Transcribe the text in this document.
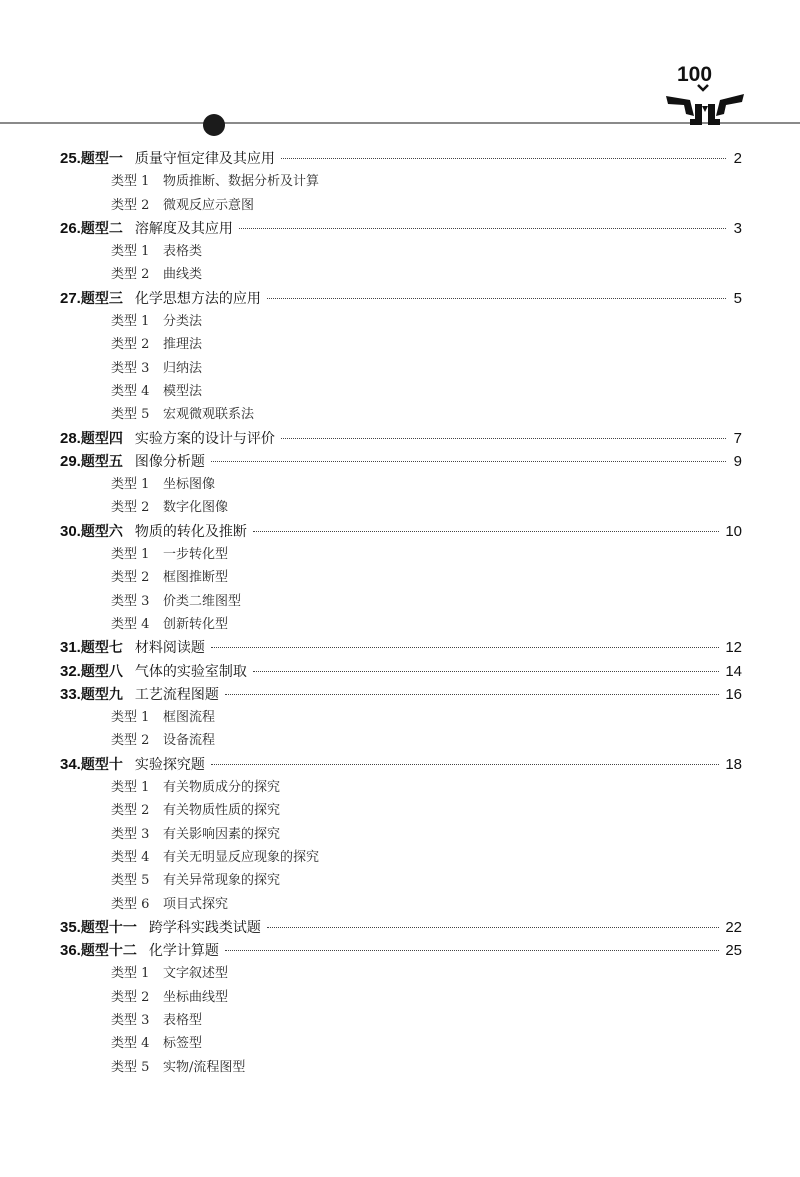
100
25. 题型一 质量守恒定律及其应用	2
类型 1 物质推断、数据分析及计算
类型 2 微观反应示意图
26. 题型二 溶解度及其应用	3
类型 1 表格类
类型 2 曲线类
27. 题型三 化学思想方法的应用	5
类型 1 分类法
类型 2 推理法
类型 3 归纳法
类型 4 模型法
类型 5 宏观微观联系法
28. 题型四 实验方案的设计与评价	7
29. 题型五 图像分析题	9
类型 1 坐标图像
类型 2 数字化图像
30. 题型六 物质的转化及推断	10
类型 1 一步转化型
类型 2 框图推断型
类型 3 价类二维图型
类型 4 创新转化型
31. 题型七 材料阅读题	12
32. 题型八 气体的实验室制取	14
33. 题型九 工艺流程图题	16
类型 1 框图流程
类型 2 设备流程
34. 题型十 实验探究题	18
类型 1 有关物质成分的探究
类型 2 有关物质性质的探究
类型 3 有关影响因素的探究
类型 4 有关无明显反应现象的探究
类型 5 有关异常现象的探究
类型 6 项目式探究
35. 题型十一 跨学科实践类试题	22
36. 题型十二 化学计算题	25
类型 1 文字叙述型
类型 2 坐标曲线型
类型 3 表格型
类型 4 标签型
类型 5 实物/流程图型
